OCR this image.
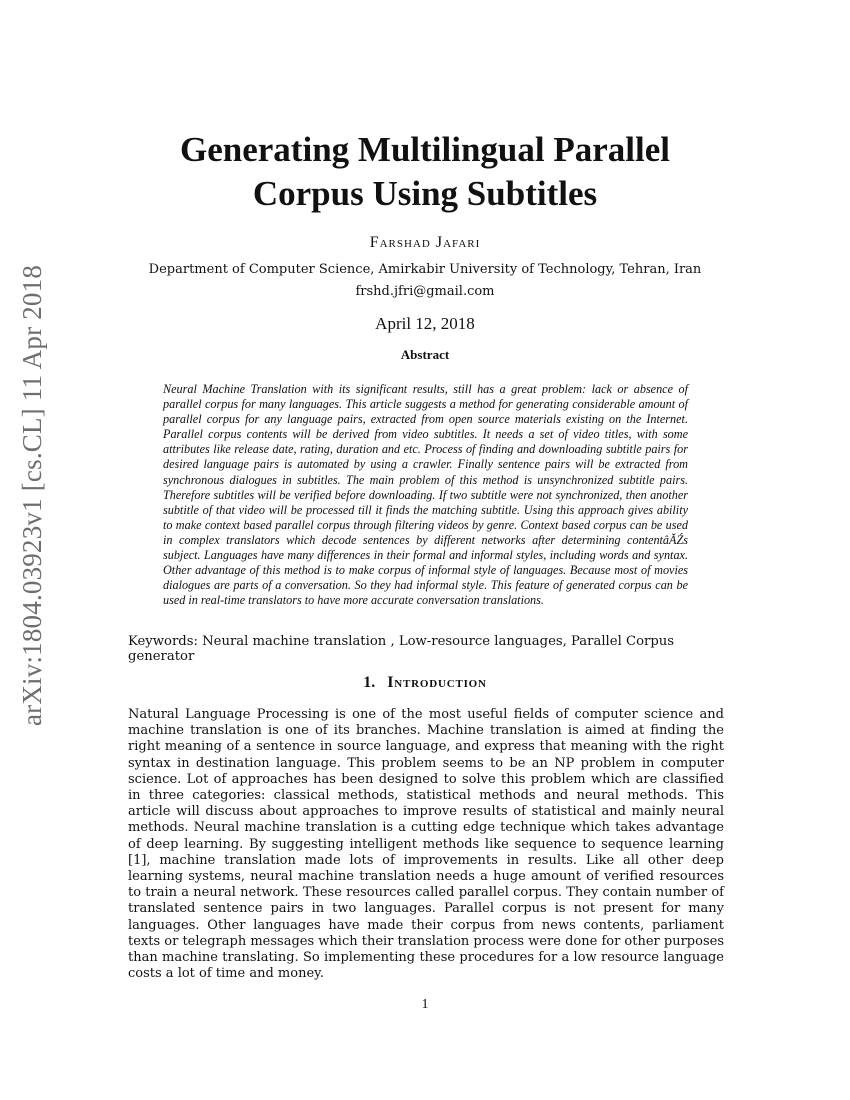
arXiv:1804.03923v1 [cs.CL] 11 Apr 2018
Generating Multilingual Parallel
Corpus Using Subtitles
Farshad Jafari
Department of Computer Science, Amirkabir University of Technology, Tehran, Iran
frshd.jfri@gmail.com
April 12, 2018
Abstract

Neural Machine Translation with its significant results, still has a great problem: lack or absence of parallel corpus for many languages. This article suggests a method for generating considerable amount of parallel corpus for any language pairs, extracted from open source materials existing on the Internet. Parallel corpus contents will be derived from video subtitles. It needs a set of video titles, with some attributes like release date, rating, duration and etc. Process of finding and downloading subtitle pairs for desired language pairs is automated by using a crawler. Finally sentence pairs will be extracted from synchronous dialogues in subtitles. The main problem of this method is unsynchronized subtitle pairs. Therefore subtitles will be verified before downloading. If two subtitle were not synchronized, then another subtitle of that video will be processed till it finds the matching subtitle. Using this approach gives ability to make context based parallel corpus through filtering videos by genre. Context based corpus can be used in complex translators which decode sentences by different networks after determining contentâĂŹs subject. Languages have many differences in their formal and informal styles, including words and syntax. Other advantage of this method is to make corpus of informal style of languages. Because most of movies dialogues are parts of a conversation. So they had informal style. This feature of generated corpus can be used in real-time translators to have more accurate conversation translations.

Keywords: Neural machine translation , Low-resource languages, Parallel Corpus generator

1. Introduction

Natural Language Processing is one of the most useful fields of computer science and machine translation is one of its branches. Machine translation is aimed at finding the right meaning of a sentence in source language, and express that meaning with the right syntax in destination language. This problem seems to be an NP problem in computer science. Lot of approaches has been designed to solve this problem which are classified in three categories: classical methods, statistical methods and neural methods. This article will discuss about approaches to improve results of statistical and mainly neural methods. Neural machine translation is a cutting edge technique which takes advantage of deep learning. By suggesting intelligent methods like sequence to sequence learning [1], machine translation made lots of improvements in results. Like all other deep learning systems, neural machine translation needs a huge amount of verified resources to train a neural network. These resources called parallel corpus. They contain number of translated sentence pairs in two languages. Parallel corpus is not present for many languages. Other languages have made their corpus from news contents, parliament texts or telegraph messages which their translation process were done for other purposes than machine translating. So implementing these procedures for a low resource language costs a lot of time and money.

1
